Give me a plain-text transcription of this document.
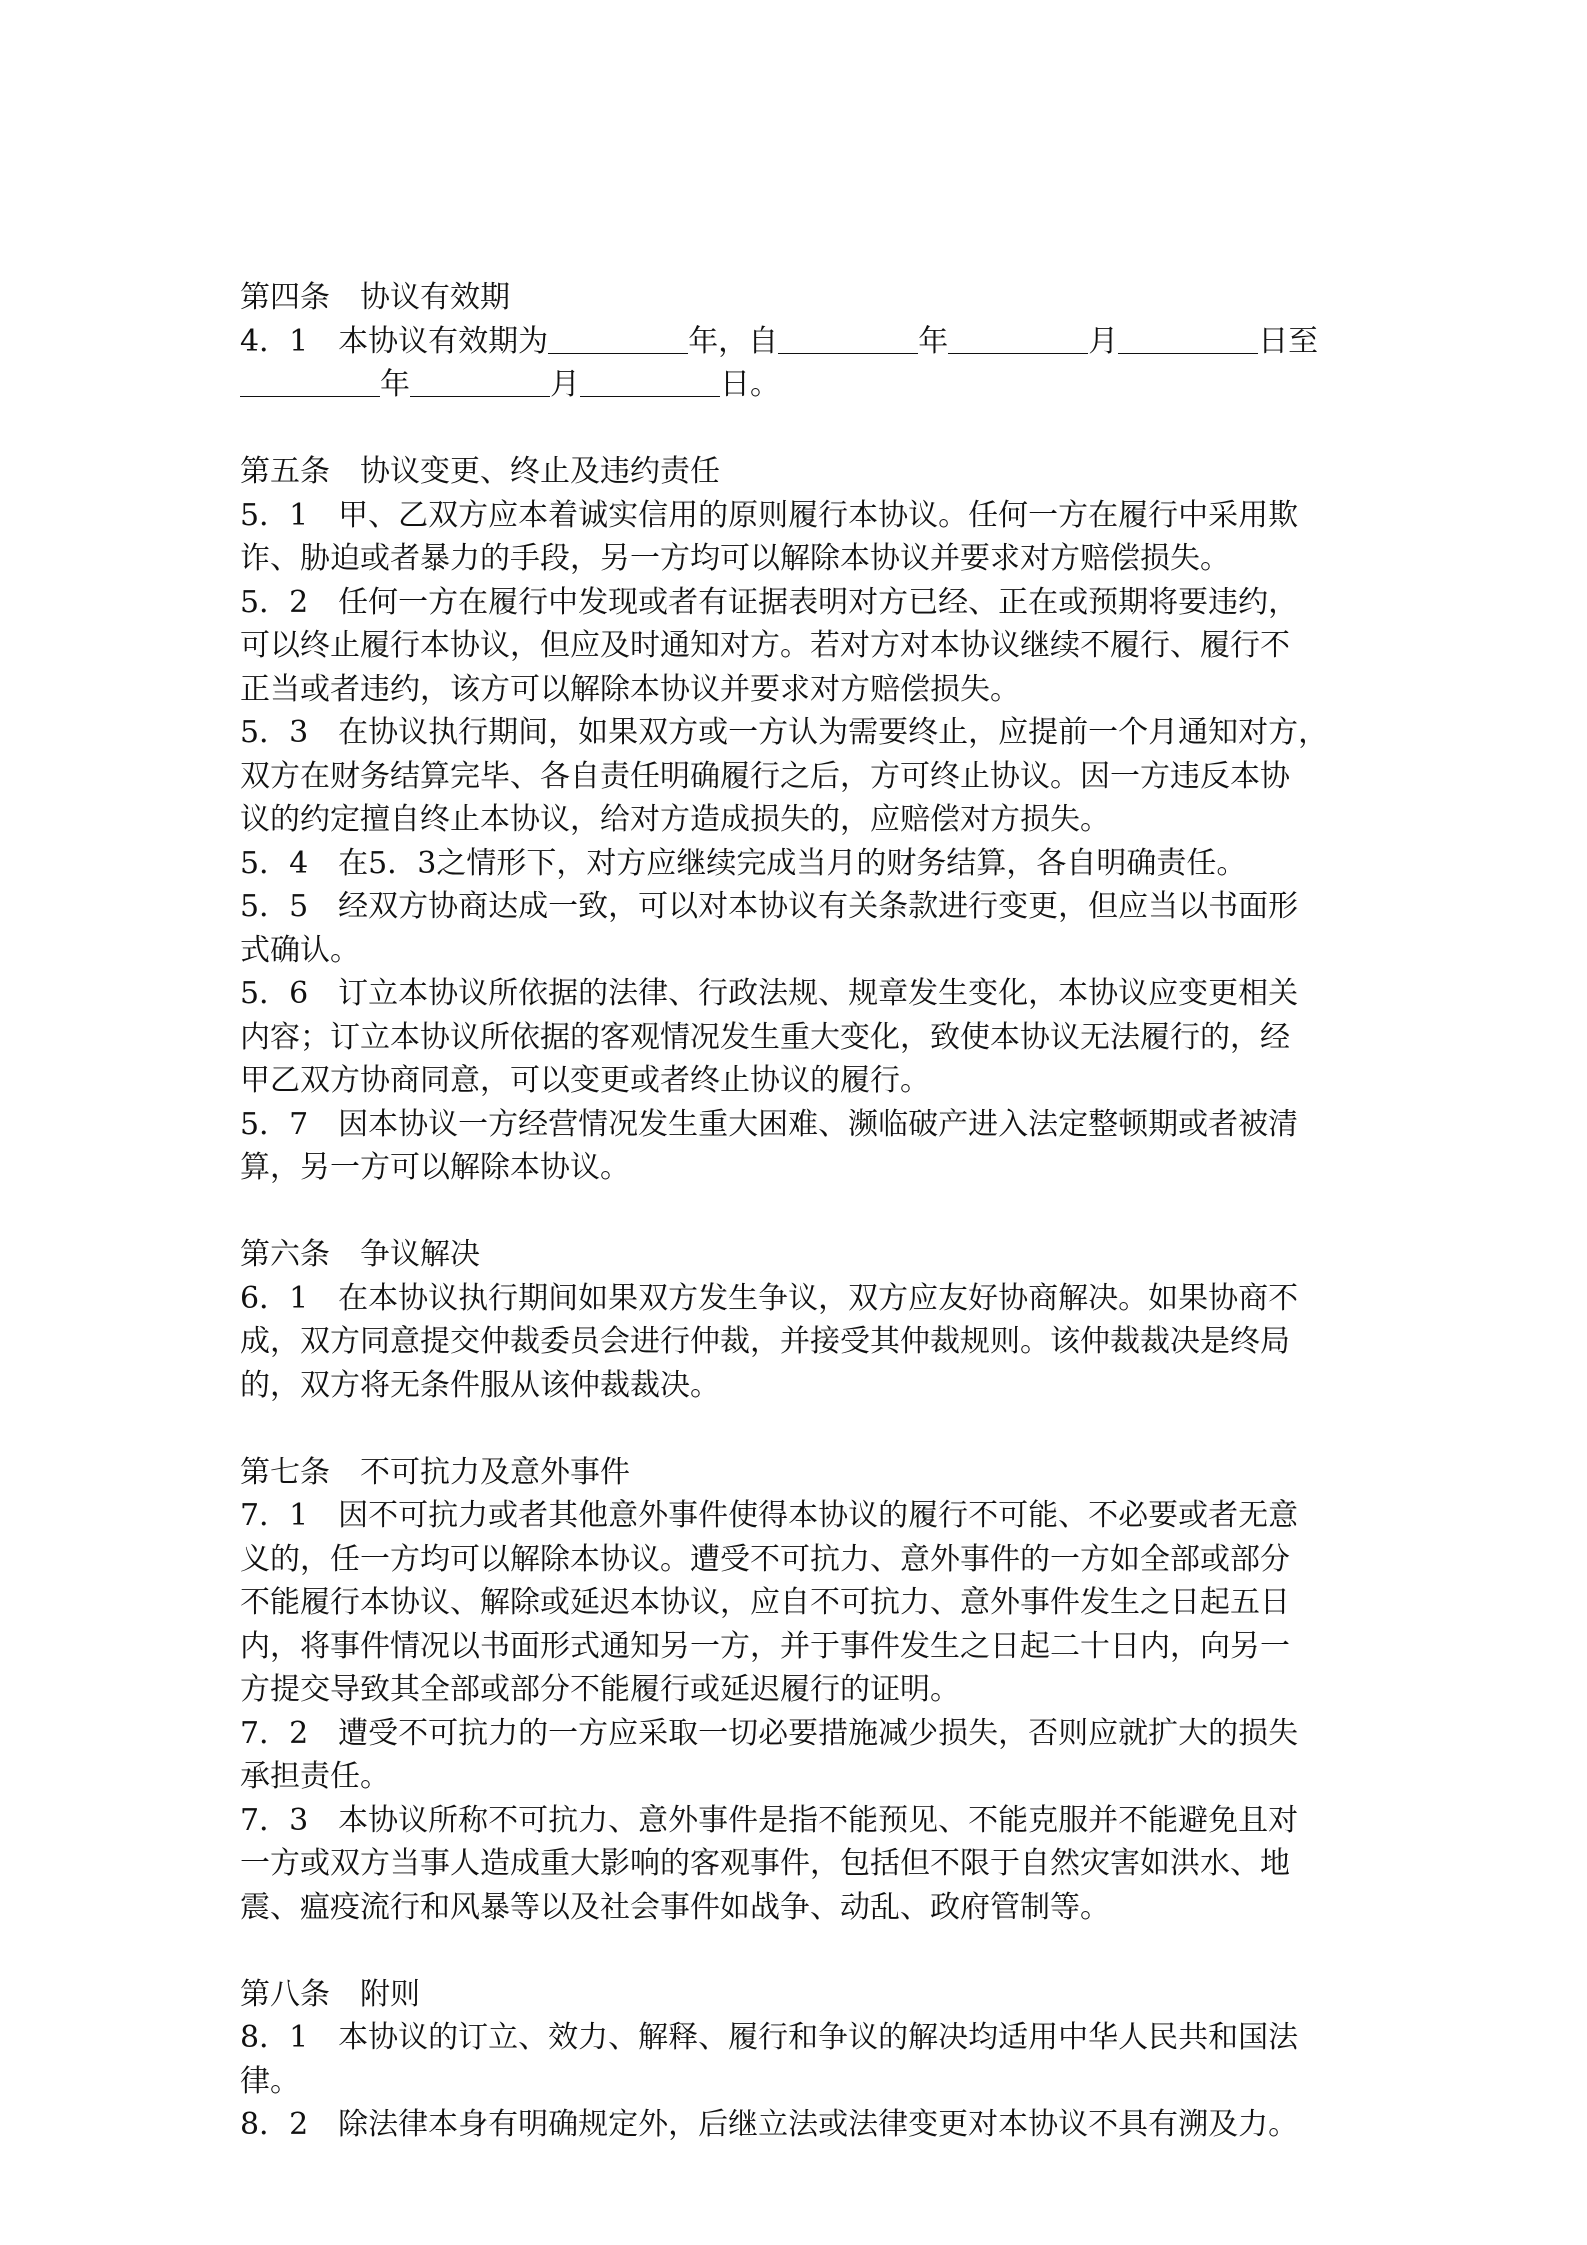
第四条　协议有效期
4．1　本协议有效期为	年，自	年	月	日至
年	月	日。
第五条　协议变更、终止及违约责任
5．1　甲、乙双方应本着诚实信用的原则履行本协议。任何一方在履行中采用欺
诈、胁迫或者暴力的手段，另一方均可以解除本协议并要求对方赔偿损失。
5．2　任何一方在履行中发现或者有证据表明对方已经、正在或预期将要违约，
可以终止履行本协议，但应及时通知对方。若对方对本协议继续不履行、履行不
正当或者违约，该方可以解除本协议并要求对方赔偿损失。
5．3　在协议执行期间，如果双方或一方认为需要终止，应提前一个月通知对方，
双方在财务结算完毕、各自责任明确履行之后，方可终止协议。因一方违反本协
议的约定擅自终止本协议，给对方造成损失的，应赔偿对方损失。
5．4　在5．3之情形下，对方应继续完成当月的财务结算，各自明确责任。
5．5　经双方协商达成一致，可以对本协议有关条款进行变更，但应当以书面形
式确认。
5．6　订立本协议所依据的法律、行政法规、规章发生变化，本协议应变更相关
内容；订立本协议所依据的客观情况发生重大变化，致使本协议无法履行的，经
甲乙双方协商同意，可以变更或者终止协议的履行。
5．7　因本协议一方经营情况发生重大困难、濒临破产进入法定整顿期或者被清
算，另一方可以解除本协议。
第六条　争议解决
6．1　在本协议执行期间如果双方发生争议，双方应友好协商解决。如果协商不
成，双方同意提交仲裁委员会进行仲裁，并接受其仲裁规则。该仲裁裁决是终局
的，双方将无条件服从该仲裁裁决。
第七条　不可抗力及意外事件
7．1　因不可抗力或者其他意外事件使得本协议的履行不可能、不必要或者无意
义的，任一方均可以解除本协议。遭受不可抗力、意外事件的一方如全部或部分
不能履行本协议、解除或延迟本协议，应自不可抗力、意外事件发生之日起五日
内，将事件情况以书面形式通知另一方，并于事件发生之日起二十日内，向另一
方提交导致其全部或部分不能履行或延迟履行的证明。
7．2　遭受不可抗力的一方应采取一切必要措施减少损失，否则应就扩大的损失
承担责任。
7．3　本协议所称不可抗力、意外事件是指不能预见、不能克服并不能避免且对
一方或双方当事人造成重大影响的客观事件，包括但不限于自然灾害如洪水、地
震、瘟疫流行和风暴等以及社会事件如战争、动乱、政府管制等。
第八条　附则
8．1　本协议的订立、效力、解释、履行和争议的解决均适用中华人民共和国法
律。
8．2　除法律本身有明确规定外，后继立法或法律变更对本协议不具有溯及力。
